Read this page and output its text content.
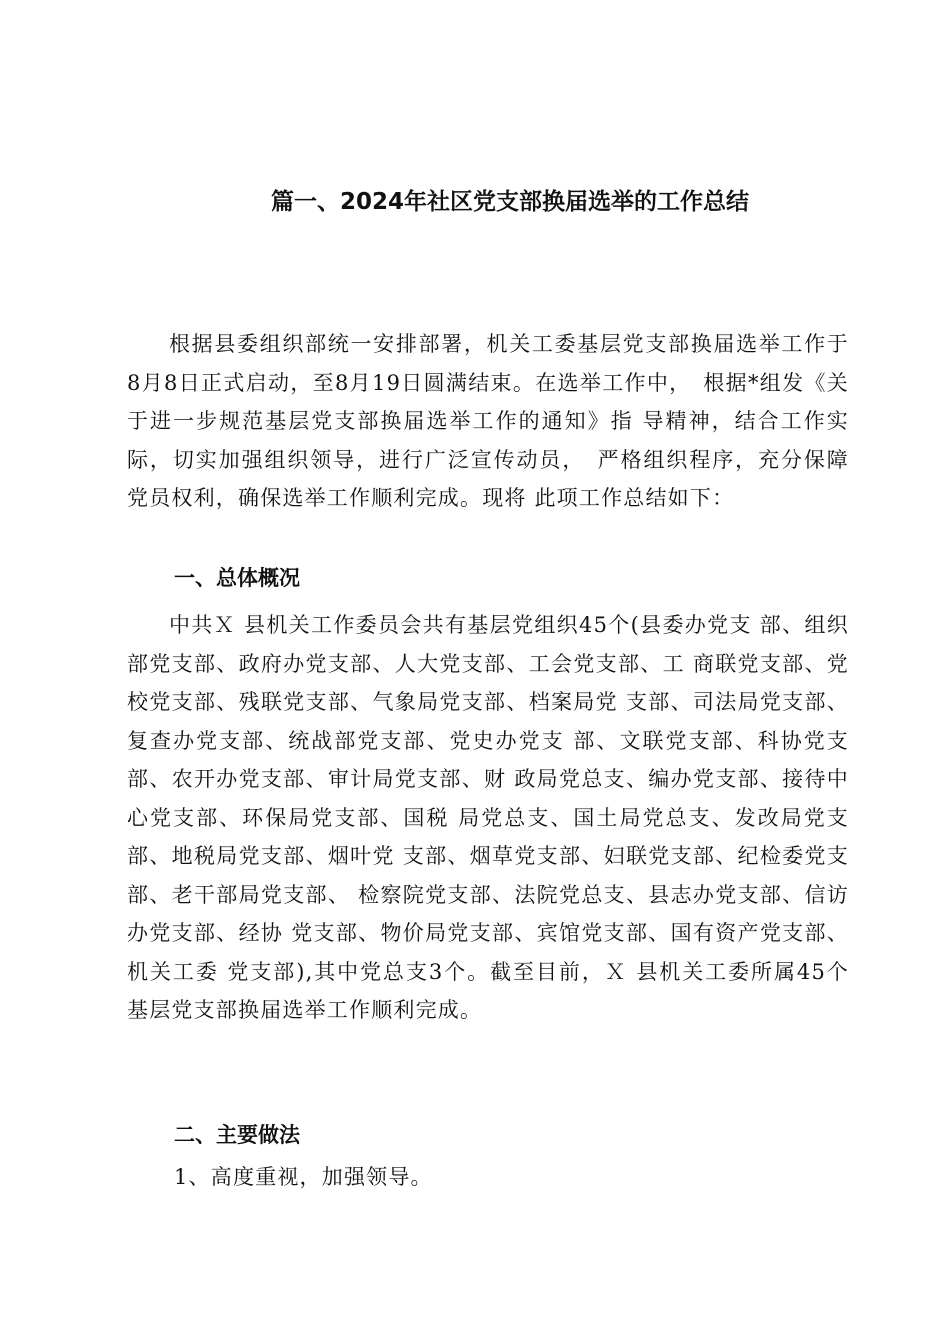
篇一、2024年社区党支部换届选举的工作总结

根据县委组织部统一安排部署，机关工委基层党支部换届选举工作于8月8日正式启动，至8月19日圆满结束。在选举工作中，　根据*组发《关于进一步规范基层党支部换届选举工作的通知》指 导精神，结合工作实际，切实加强组织领导，进行广泛宣传动员，　严格组织程序，充分保障党员权利，确保选举工作顺利完成。现将 此项工作总结如下：

一、总体概况

中共Ｘ 县机关工作委员会共有基层党组织45个(县委办党支 部、组织部党支部、政府办党支部、人大党支部、工会党支部、工 商联党支部、党校党支部、残联党支部、气象局党支部、档案局党 支部、司法局党支部、复查办党支部、统战部党支部、党史办党支 部、文联党支部、科协党支部、农开办党支部、审计局党支部、财 政局党总支、编办党支部、接待中心党支部、环保局党支部、国税 局党总支、国土局党总支、发改局党支部、地税局党支部、烟叶党 支部、烟草党支部、妇联党支部、纪检委党支部、老干部局党支部、 检察院党支部、法院党总支、县志办党支部、信访办党支部、经协 党支部、物价局党支部、宾馆党支部、国有资产党支部、机关工委 党支部),其中党总支3个。截至目前，Ｘ 县机关工委所属45个 基层党支部换届选举工作顺利完成。

二、主要做法

1、高度重视，加强领导。
